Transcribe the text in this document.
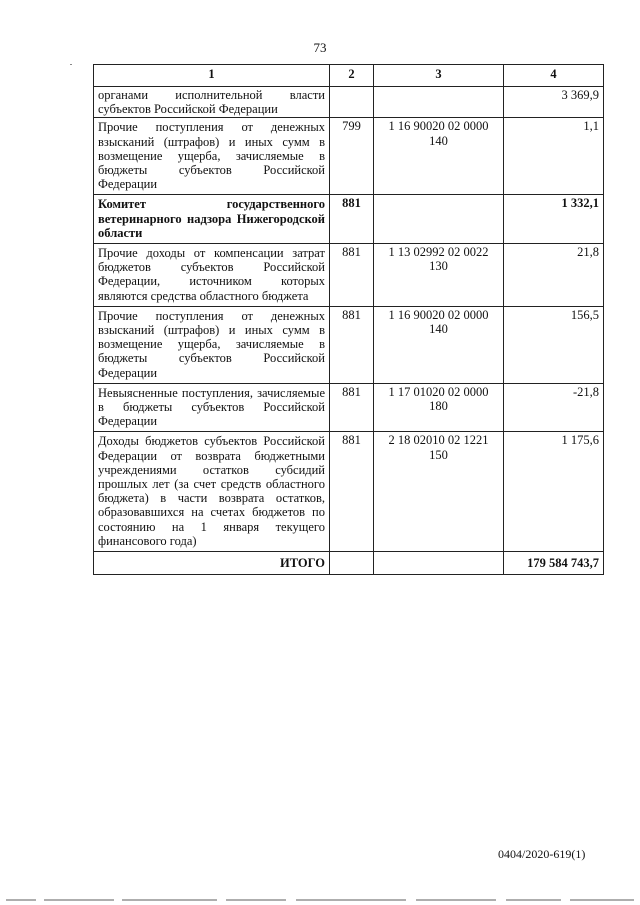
73
1	2	3	4
органами исполнительной власти субъектов Российской Федерации			3 369,9
Прочие поступления от денежных взысканий (штрафов) и иных сумм в возмещение ущерба, зачисляемые в бюджеты субъектов Российской Федерации	799	1 16 90020 02 0000 140	1,1
Комитет государственного ветеринарного надзора Нижегородской области	881		1 332,1
Прочие доходы от компенсации затрат бюджетов субъектов Российской Федерации, источником которых являются средства областного бюджета	881	1 13 02992 02 0022 130	21,8
Прочие поступления от денежных взысканий (штрафов) и иных сумм в возмещение ущерба, зачисляемые в бюджеты субъектов Российской Федерации	881	1 16 90020 02 0000 140	156,5
Невыясненные поступления, зачисляемые в бюджеты субъектов Российской Федерации	881	1 17 01020 02 0000 180	-21,8
Доходы бюджетов субъектов Российской Федерации от возврата бюджетными учреждениями остатков субсидий прошлых лет (за счет средств областного бюджета) в части возврата остатков, образовавшихся на счетах бюджетов по состоянию на 1 января текущего финансового года)	881	2 18 02010 02 1221 150	1 175,6
ИТОГО			179 584 743,7
0404/2020-619(1)
